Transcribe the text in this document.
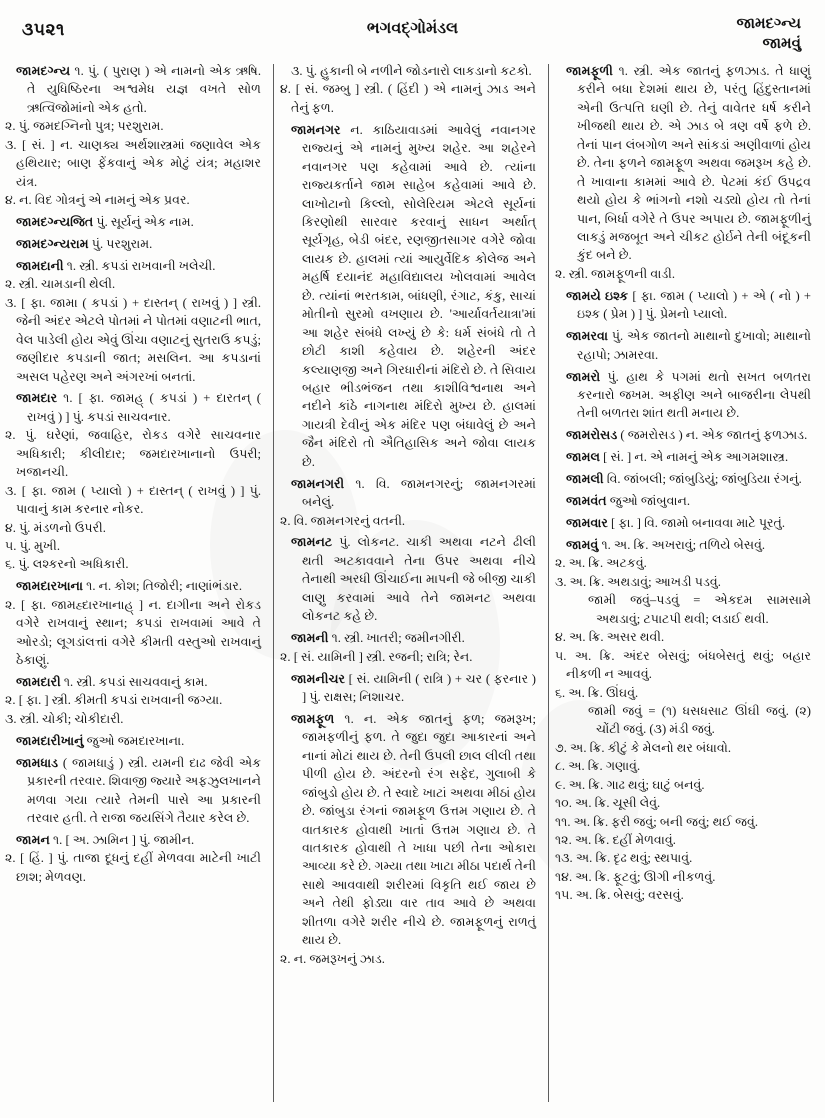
૩૫૨૧	ભગવદ્ગોમંડલ	જામદગ્ન્ય
જામવું

જામદગ્ન્ય ૧. પું. ( પુરાણ ) એ નામનો એક ઋષિ. તે યુધિષ્ઠિરના અશ્વમેધ યજ્ઞ વખતે સોળ ઋત્વિજોમાંનો એક હતો.

૨. પું. જમદગ્નિનો પુત્ર; પરશુરામ.

૩. [ સં. ] ન. ચાણક્ય અર્થશાસ્ત્રમાં જણાવેલ એક હથિયાર; બાણ ફેંકવાનું એક મોટું યંત્ર; મહાશર યંત્ર.

૪. ન. વિદ ગોત્રનું એ નામનું એક પ્રવર.

જામદગ્ન્યજિત પું. સૂર્યનું એક નામ.

જામદગ્ન્યરામ પું. પરશુરામ.

જામદાની ૧. સ્ત્રી. કપડાં રાખવાની ખલેચી.

૨. સ્ત્રી. ચામડાની થેલી.

૩. [ ફા. જામા ( કપડાં ) + દાસ્તન્ ( રાખવું ) ] સ્ત્રી. જેની અંદર એટલે પોતમાં ને પોતમાં વણાટની ભાત, વેલ પાડેલી હોય એવું ઊંચા વણાટનું સુતરાઉ કપડું; જણીદાર કપડાની જાત; મસલિન. આ કપડાનાં અસલ પહેરણ અને અંગરખાં બનતાં.

જામદાર ૧. [ ફા. જામહ્ ( કપડાં ) + દારતન્ ( રાખવું ) ] પું. કપડાં સાચવનાર.

૨. પું. ઘરેણાં, જવાહિર, રોકડ વગેરે સાચવનાર અધિકારી; કીલીદાર; જમદારખાનાનો ઉપરી; ખજાનચી.

૩. [ ફા. જામ ( પ્યાલો ) + દાસ્તન્ ( રાખવું ) ] પું. પાવાનું કામ કરનાર નોકર.

૪. પું. મંડળનો ઉપરી.

૫. પું. મુખી.

૬. પું. લશ્કરનો અધિકારી.

જામદારખાના ૧. ન. કોશ; તિજોરી; નાણાંભંડાર.

૨. [ ફા. જામહ્દારખાનાહ્ ] ન. દાગીના અને રોકડ વગેરે રાખવાનું સ્થાન; કપડાં રાખવામાં આવે તે ઓરડો; લૂગડાંલત્તાં વગેરે કીમતી વસ્તુઓ રાખવાનું ઠેકાણું.

જામદારી ૧. સ્ત્રી. કપડાં સાચવવાનું કામ.

૨. [ ફા. ] સ્ત્રી. કીમતી કપડાં રાખવાની જગ્યા.

૩. સ્ત્રી. ચોકી; ચોકીદારી.

જામદારીખાનું જુઓ જમદારખાના.

જામધાડ ( જામધાડું ) સ્ત્રી. યમની દાઢ જેવી એક પ્રકારની તરવાર. શિવાજી જ્યારે અફઝુલખાનને મળવા ગયા ત્યારે તેમની પાસે આ પ્રકારની તરવાર હતી. તે રાજા જયસિંગે તૈયાર કરેલ છે.

જામન ૧. [ અ. ઝામિન ] પું. જામીન.

૨. [ હિં. ] પું. તાજા દૂધનું દહીં મેળવવા માટેની ખાટી છાશ; મેળવણ.

૩. પું. હુકાની બે નળીને જોડનારો લાકડાનો કટકો.

૪. [ સં. જમ્બુ ] સ્ત્રી. ( હિંદી ) એ નામનું ઝાડ અને તેનું ફળ.

જામનગર ન. કાઠિયાવાડમાં આવેલું નવાનગર રાજ્યનું એ નામનું મુખ્ય શહેર. આ શહેરને નવાનગર પણ કહેવામાં આવે છે. ત્યાંના રાજ્યકર્તાને જામ સાહેબ કહેવામાં આવે છે. લાખોટાનો કિલ્લો, સોલેરિયમ એટલે સૂર્યનાં કિરણોથી સારવાર કરવાનું સાધન અર્થાત્ સૂર્યગૃહ, બેડી બંદર, રણજીતસાગર વગેરે જોવા લાયક છે. હાલમાં ત્યાં આયુર્વેદિક કોલેજ અને મહર્ષિ દયાનંદ મહાવિદ્યાલય ખોલવામાં આવેલ છે. ત્યાંનાં ભરતકામ, બાંધણી, રંગાટ, કંકુ, સાચાં મોતીનો સુરમો વખણાય છે. 'આર્યાવર્તયાત્રા'માં આ શહેર સંબંધે લખ્યું છે કે: ધર્મ સંબંધે તો તે છોટી કાશી કહેવાય છે. શહેરની અંદર કલ્યાણજી અને ગિરધારીનાં મંદિરો છે. તે સિવાય બહાર ભીડભંજન તથા કાશીવિશ્વનાથ અને નદીને કાંઠે નાગનાથ મંદિરો મુખ્ય છે. હાલમાં ગાયત્રી દેવીનું એક મંદિર પણ બંધાવેલું છે અને જૈન મંદિરો તો ઐતિહાસિક અને જોવા લાયક છે.

જામનગરી ૧. વિ. જામનગરનું; જામનગરમાં બનેલું.

૨. વિ. જામનગરનું વતની.

જામનટ પું. લોકનટ. ચાકી અથવા નટને ઢીલી થતી અટકાવવાને તેના ઉપર અથવા નીચે તેનાથી અરધી ઊંચાઈના માપની જે બીજી ચાકી લાણુ કરવામાં આવે તેને જામનટ અથવા લોકનટ કહે છે.

જામની ૧. સ્ત્રી. ખાતરી; જમીનગીરી.

૨. [ સં. યામિની ] સ્ત્રી. રજની; રાત્રિ; રેન.

જામનીચર [ સં. યામિની ( રાત્રિ ) + ચર ( ફરનાર ) ] પું. રાક્ષસ; નિશાચર.

જામફૂળ ૧. ન. એક જાતનું ફળ; જમરૂખ; જામફળીનું ફળ. તે જુદા જુદા આકારનાં અને નાનાં મોટાં થાય છે. તેની ઉપલી છાલ લીલી તથા પીળી હોય છે. અંદરનો રંગ સફેદ, ગુલાબી કે જાંબુડો હોય છે. તે સ્વાદે ખાટાં અથવા મીઠાં હોય છે. જાંબુડા રંગનાં જામફૂળ ઉત્તમ ગણાય છે. તે વાતકારક હોવાથી ખાતાં ઉત્તમ ગણાય છે. તે વાતકારક હોવાથી તે ખાધા પછી તેના ઓકારા આવ્યા કરે છે. ગમ્યા તથા ખાટા મીઠા પદાર્થ તેની સાથે આવવાથી શરીરમાં વિકૃતિ થઈ જાય છે અને તેથી ફોડ્યા વાર તાવ આવે છે અથવા શીતળા વગેરે શરીર નીચે છે. જામફૂળનું રાળતું થાય છે.

૨. ન. જમરૂખનું ઝાડ.

જામફૂળી ૧. સ્ત્રી. એક જાતનું ફળઝાડ. તે ધાણું કરીને બધા દેશમાં થાય છે, પરંતુ હિંદુસ્તાનમાં એની ઉત્પત્તિ ઘણી છે. તેનું વાવેતર ધર્ષ કરીને ખીજથી થાય છે. એ ઝાડ બે ત્રણ વર્ષે ફળે છે. તેનાં પાન લંબગોળ અને સાંકડાં અણીવાળાં હોય છે. તેના ફળને જામફૂળ અથવા જમરૂખ કહે છે. તે ખાવાના કામમાં આવે છે. પેટમાં કંઈ ઉપદ્રવ થયો હોય કે ભાંગનો નશો ચડ્યો હોય તો તેનાં પાન, બિર્ધા વગેરે તે ઉપર અપાય છે. જામફૂળીનું લાકડું મજબૂત અને ચીકટ હોર્ઇને તેની બંદૂકની કુંદ બને છે.

૨. સ્ત્રી. જામફૂળની વાડી.

જામયે ઇશ્ક [ ફા. જામ ( પ્યાલો ) + એ ( નો ) + ઇશ્ક ( પ્રેમ ) ] પું. પ્રેમનો પ્યાલો.

જામરવા પું. એક જાતનો માથાનો દુખાવો; માથાનો રહાપો; ઝામરવા.

જામરો પું. હાથ કે પગમાં થતો સખત બળતરા કરનારો જખમ. અફીણ અને બાજરીના લેપથી તેની બળતરા શાંત થતી મનાય છે.

જામરોસડ ( જમરોસડ ) ન. એક જાતનું ફળઝાડ.

જામલ [ સં. ] ન. એ નામનું એક આગમશાસ્ત્ર.

જામલી વિ. જાંબલી; જાંબુડિયું; જાંબુડિયા રંગનું.

જામવંત જુઓ જાંબુવાન.

જામવાર [ ફા. ] વિ. જામો બનાવવા માટે પૂરતું.

જામવું ૧. અ. ક્રિ. અખરાવું; તળિયે બેસવું.

૨. અ. ક્રિ. અટકવું.

૩. અ. ક્રિ. અથડાવું; આખડી પડવું.

જામી જવું–પડવું = એકદમ સામસામે અથડાવું; ટપાટપી થવી; લડાઈ થવી.

૪. અ. ક્રિ. અસર થવી.

૫. અ. ક્રિ. અંદર બેસવું; બંધબેસતું થવું; બહાર નીકળી ન આવવું.

૬. અ. ક્રિ. ઊંઘવું.

જામી જવું = (૧) ધસધસાટ ઊંઘી જવું. (૨) ચોંટી જવું. (૩) મંડી જવું.

૭. અ. ક્રિ. કીટું કે મેલનો થર બંધાવો.

૮. અ. ક્રિ. ગણાવું.

૯. અ. ક્રિ. ગાઢ થવું; ઘાટું બનવું.

૧૦. અ. ક્રિ. ચૂસી લેવું.

૧૧. અ. ક્રિ. ફરી જવું; બની જવું; થઈ જવું.

૧૨. અ. ક્રિ. દહીં મેળવાવું.

૧૩. અ. ક્રિ. દૃઢ થવું; સ્થપાવું.

૧૪. અ. ક્રિ. ફૂટવું; ઊગી નીકળવું.

૧૫. અ. ક્રિ. બેસવું; વરસવું.
